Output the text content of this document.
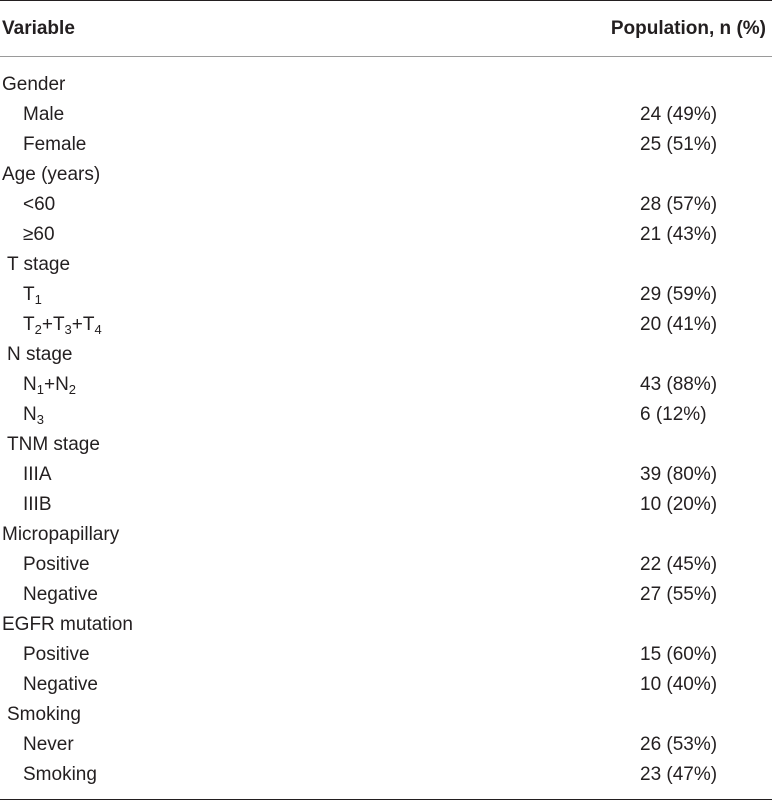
Variable	Population, n (%)
Gender
Male	24 (49%)
Female	25 (51%)
Age (years)
<60	28 (57%)
≥60	21 (43%)
T stage
$T_1$	29 (59%)
$T_2+T_3+T_4$	20 (41%)
N stage
$N_1+N_2$	43 (88%)
$N_3$	6 (12%)
TNM stage
IIIA	39 (80%)
IIIB	10 (20%)
Micropapillary
Positive	22 (45%)
Negative	27 (55%)
EGFR mutation
Positive	15 (60%)
Negative	10 (40%)
Smoking
Never	26 (53%)
Smoking	23 (47%)
